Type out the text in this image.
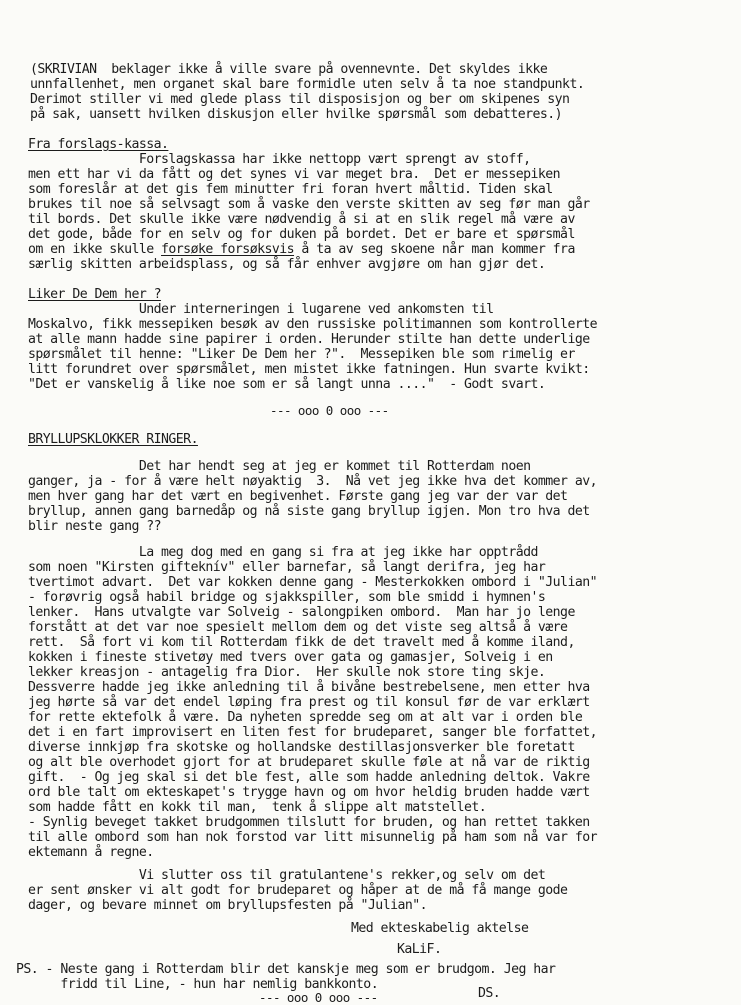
(SKRIVIAN  beklager ikke å ville svare på ovennevnte. Det skyldes ikke
unnfallenhet, men organet skal bare formidle uten selv å ta noe standpunkt.
Derimot stiller vi med glede plass til disposisjon og ber om skipenes syn
på sak, uansett hvilken diskusjon eller hvilke spørsmål som debatteres.)
Fra forslags-kassa.
Forslagskassa har ikke nettopp vært sprengt av stoff,
men ett har vi da fått og det synes vi var meget bra.  Det er messepiken
som foreslår at det gis fem minutter fri foran hvert måltid. Tiden skal
brukes til noe så selvsagt som å vaske den verste skitten av seg før man går
til bords. Det skulle ikke være nødvendig å si at en slik regel må være av
det gode, både for en selv og for duken på bordet. Det er bare et spørsmål
om en ikke skulle forsøke forsøksvis å ta av seg skoene når man kommer fra
særlig skitten arbeidsplass, og så får enhver avgjøre om han gjør det.
Liker De Dem her ?
Under interneringen i lugarene ved ankomsten til
Moskalvo, fikk messepiken besøk av den russiske politimannen som kontrollerte
at alle mann hadde sine papirer i orden. Herunder stilte han dette underlige
spørsmålet til henne: "Liker De Dem her ?".  Messepiken ble som rimelig er
litt forundret over spørsmålet, men mistet ikke fatningen. Hun svarte kvikt:
"Det er vanskelig å like noe som er så langt unna ...."  - Godt svart.
--- ooo 0 ooo ---
BRYLLUPSKLOKKER RINGER.
Det har hendt seg at jeg er kommet til Rotterdam noen
ganger, ja - for å være helt nøyaktig  3.  Nå vet jeg ikke hva det kommer av,
men hver gang har det vært en begivenhet. Første gang jeg var der var det
bryllup, annen gang barnedåp og nå siste gang bryllup igjen. Mon tro hva det
blir neste gang ??
La meg dog med en gang si fra at jeg ikke har opptrådd
som noen "Kirsten gifteknív" eller barnefar, så langt derifra, jeg har
tvertimot advart.  Det var kokken denne gang - Mesterkokken ombord i "Julian"
- forøvrig også habil bridge og sjakkspiller, som ble smidd i hymnen's
lenker.  Hans utvalgte var Solveig - salongpiken ombord.  Man har jo lenge
forstått at det var noe spesielt mellom dem og det viste seg altså å være
rett.  Så fort vi kom til Rotterdam fikk de det travelt med å komme iland,
kokken i fineste stivetøy med tvers over gata og gamasjer, Solveig i en
lekker kreasjon - antagelig fra Dior.  Her skulle nok store ting skje.
Dessverre hadde jeg ikke anledning til å bivåne bestrebelsene, men etter hva
jeg hørte så var det endel løping fra prest og til konsul før de var erklært
for rette ektefolk å være. Da nyheten spredde seg om at alt var i orden ble
det i en fart improvisert en liten fest for brudeparet, sanger ble forfattet,
diverse innkjøp fra skotske og hollandske destillasjonsverker ble foretatt
og alt ble overhodet gjort for at brudeparet skulle føle at nå var de riktig
gift.  - Og jeg skal si det ble fest, alle som hadde anledning deltok. Vakre
ord ble talt om ekteskapet's trygge havn og om hvor heldig bruden hadde vært
som hadde fått en kokk til man,  tenk å slippe alt matstellet.
- Synlig beveget takket brudgommen tilslutt for bruden, og han rettet takken
til alle ombord som han nok forstod var litt misunnelig på ham som nå var for
ektemann å regne.
Vi slutter oss til gratulantene's rekker,og selv om det
er sent ønsker vi alt godt for brudeparet og håper at de må få mange gode
dager, og bevare minnet om bryllupsfesten på "Julian".
Med ekteskabelig aktelse
KaLiF.
PS. - Neste gang i Rotterdam blir det kanskje meg som er brudgom. Jeg har
fridd til Line, - hun har nemlig bankkonto.
DS.
--- ooo 0 ooo ---
